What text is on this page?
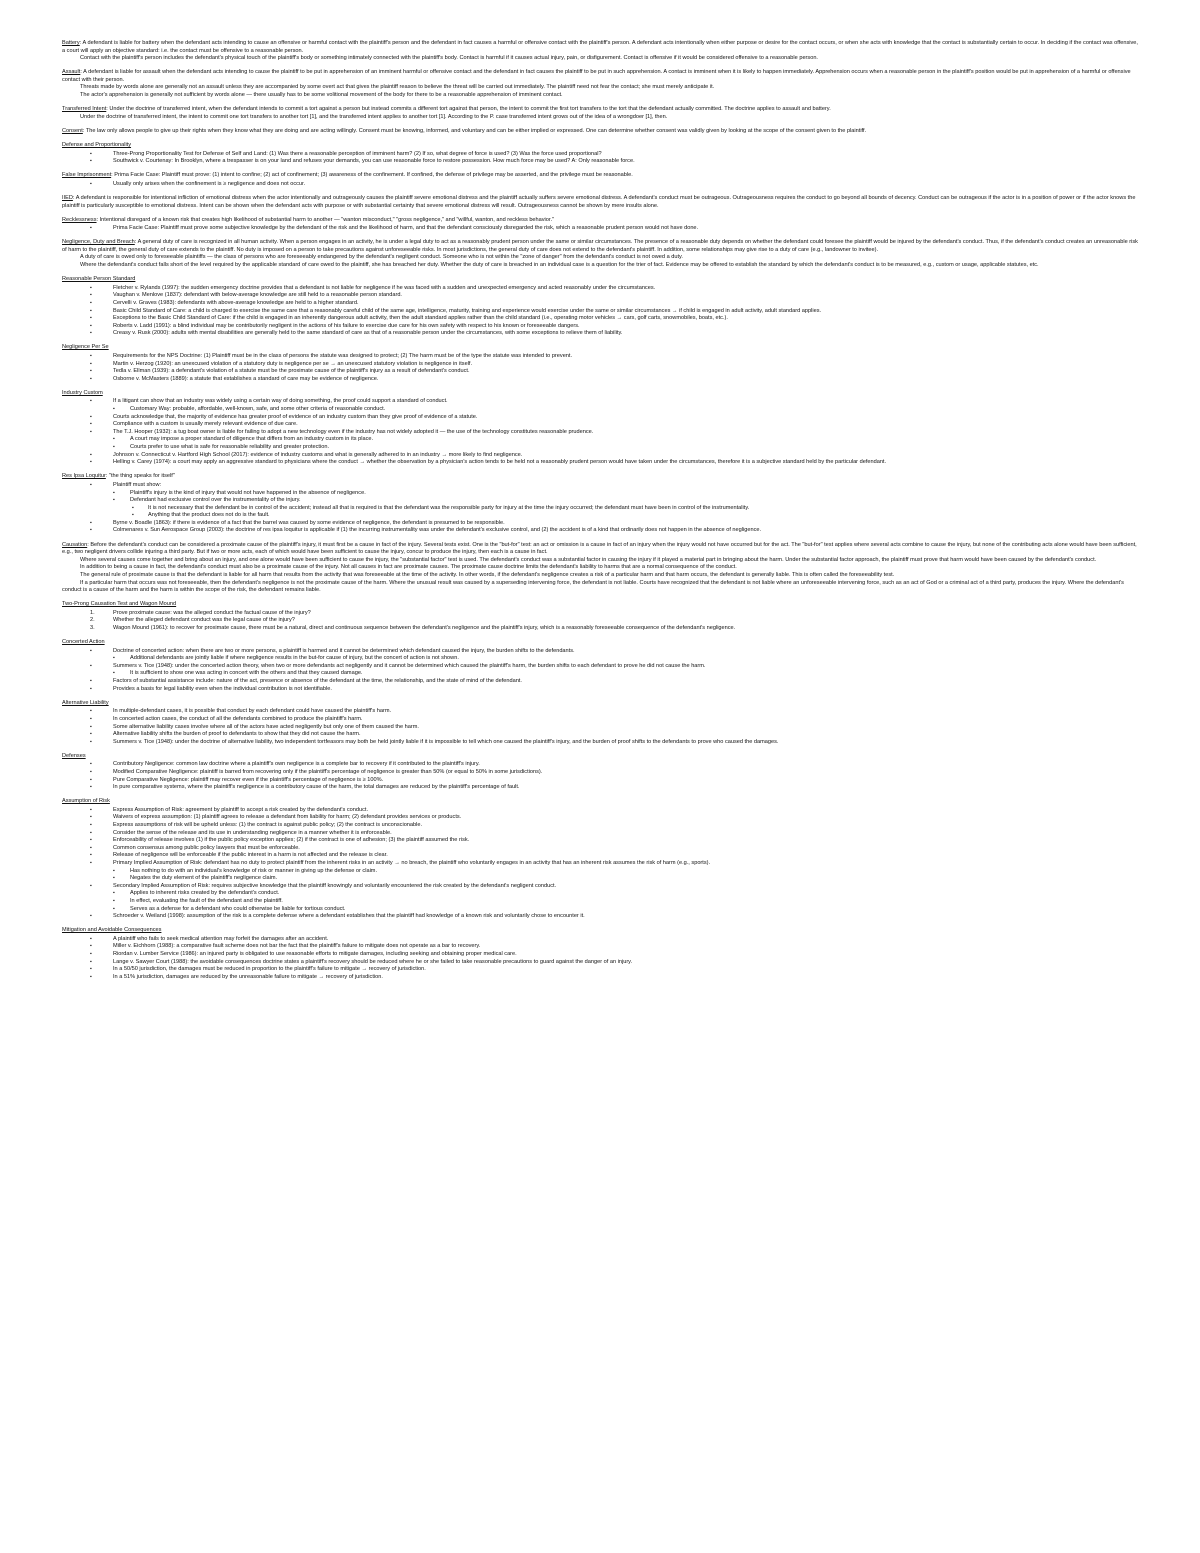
Battery: A defendant is liable for battery when the defendant acts intending to cause an offensive or harmful contact with the plaintiff's person and the defendant in fact causes a harmful or offensive contact with the plaintiff's person. A defendant acts intentionally when either purpose or desire for the contact occurs, or when she acts with knowledge that the contact is substantially certain to occur. In deciding if the contact was offensive, a court will apply an objective standard: i.e. the contact must be offensive to a reasonable person.

Contact with the plaintiff's person includes the defendant's physical touch of the plaintiff's body or something intimately connected with the plaintiff's body. Contact is harmful if it causes actual injury, pain, or disfigurement. Contact is offensive if it would be considered offensive to a reasonable person.

Assault: A defendant is liable for assault when the defendant acts intending to cause the plaintiff to be put in apprehension of an imminent harmful or offensive contact and the defendant in fact causes the plaintiff to be put in such apprehension. A contact is imminent when it is likely to happen immediately. Apprehension occurs when a reasonable person in the plaintiff's position would be put in apprehension of a harmful or offensive contact with their person.

Threats made by words alone are generally not an assault unless they are accompanied by some overt act that gives the plaintiff reason to believe the threat will be carried out immediately. The plaintiff need not fear the contact; she must merely anticipate it.

The actor's apprehension is generally not sufficient by words alone — there usually has to be some volitional movement of the body for there to be a reasonable apprehension of imminent contact.

Transferred Intent: Under the doctrine of transferred intent, when the defendant intends to commit a tort against a person but instead commits a different tort against that person, the intent to commit the first tort transfers to the tort that the defendant actually committed. The doctrine applies to assault and battery.

Under the doctrine of transferred intent, the intent to commit one tort transfers to another tort [1], and the transferred intent applies to another tort [1]. According to the P. case transferred intent grows out of the idea of a wrongdoer [1], then.

Consent: The law only allows people to give up their rights when they know what they are doing and are acting willingly. Consent must be knowing, informed, and voluntary and can be either implied or expressed. One can determine whether consent was validly given by looking at the scope of the consent given to the plaintiff.

Defense and Proportionality

▪ Three-Prong Proportionality Test for Defense of Self and Land: (1) Was there a reasonable perception of imminent harm? (2) If so, what degree of force is used? (3) Was the force used proportional?
▪ Southwick v. Courtenay: In Brooklyn, where a trespasser is on your land and refuses your demands, you can use reasonable force to restore possession. How much force may be used? A: Only reasonable force.

False Imprisonment: Prima Facie Case: Plaintiff must prove: (1) intent to confine; (2) act of confinement; (3) awareness of the confinement. If confined, the defense of privilege may be asserted, and the privilege must be reasonable.

▪ Usually only arises when the confinement is ≥ negligence and does not occur.

IIED: A defendant is responsible for intentional infliction of emotional distress when the actor intentionally and outrageously causes the plaintiff severe emotional distress and the plaintiff actually suffers severe emotional distress. A defendant's conduct must be outrageous. Outrageousness requires the conduct to go beyond all bounds of decency. Conduct can be outrageous if the actor is in a position of power or if the actor knows the plaintiff is particularly susceptible to emotional distress. Intent can be shown when the defendant acts with purpose or with substantial certainty that severe emotional distress will result. Outrageousness cannot be shown by mere insults alone.

Recklessness: Intentional disregard of a known risk that creates high likelihood of substantial harm to another — "wanton misconduct," "gross negligence," and "willful, wanton, and reckless behavior."

▪ Prima Facie Case: Plaintiff must prove some subjective knowledge by the defendant of the risk and the likelihood of harm, and that the defendant consciously disregarded the risk, which a reasonable prudent person would not have done.

Negligence, Duty and Breach: A general duty of care is recognized in all human activity. When a person engages in an activity, he is under a legal duty to act as a reasonably prudent person under the same or similar circumstances. The presence of a reasonable duty depends on whether the defendant could foresee the plaintiff would be injured by the defendant's conduct. Thus, if the defendant's conduct creates an unreasonable risk of harm to the plaintiff, the general duty of care extends to the plaintiff. No duty is imposed on a person to take precautions against unforeseeable risks. In most jurisdictions, the general duty of care does not extend to the defendant's plaintiff. In addition, some relationships may give rise to a duty of care (e.g., landowner to invitee).

A duty of care is owed only to foreseeable plaintiffs — the class of persons who are foreseeably endangered by the defendant's negligent conduct. Someone who is not within the "zone of danger" from the defendant's conduct is not owed a duty.

Where the defendant's conduct falls short of the level required by the applicable standard of care owed to the plaintiff, she has breached her duty. Whether the duty of care is breached in an individual case is a question for the trier of fact. Evidence may be offered to establish the standard by which the defendant's conduct is to be measured, e.g., custom or usage, applicable statutes, etc.

Reasonable Person Standard

▪ Fletcher v. Rylands (1997): the sudden emergency doctrine provides that a defendant is not liable for negligence if he was faced with a sudden and unexpected emergency and acted reasonably under the circumstances.
▪ Vaughan v. Menlove (1837): defendant with below-average knowledge are still held to a reasonable person standard.
▪ Cervelli v. Graves (1983): defendants with above-average knowledge are held to a higher standard.
▪ Basic Child Standard of Care: a child is charged to exercise the same care that a reasonably careful child of the same age, intelligence, maturity, training and experience would exercise under the same or similar circumstances → if child is engaged in adult activity, adult standard applies.
▪ Exceptions to the Basic Child Standard of Care: if the child is engaged in an inherently dangerous adult activity, then the adult standard applies rather than the child standard (i.e., operating motor vehicles → cars, golf carts, snowmobiles, boats, etc.).
▪ Roberts v. Ladd (1991): a blind individual may be contributorily negligent in the actions of his failure to exercise due care for his own safety with respect to his known or foreseeable dangers.
▪ Creasy v. Rusk (2000): adults with mental disabilities are generally held to the same standard of care as that of a reasonable person under the circumstances, with some exceptions to relieve them of liability.

Negligence Per Se

▪ Requirements for the NPS Doctrine: (1) Plaintiff must be in the class of persons the statute was designed to protect; (2) The harm must be of the type the statute was intended to prevent.
▪ Martin v. Herzog (1920): an unexcused violation of a statutory duty is negligence per se → an unexcused statutory violation is negligence in itself.
▪ Tedla v. Ellman (1939): a defendant's violation of a statute must be the proximate cause of the plaintiff's injury as a result of defendant's conduct.
▪ Osborne v. McMasters (1889): a statute that establishes a standard of care may be evidence of negligence.

Industry Custom

▪ If a litigant can show that an industry was widely using a certain way of doing something, the proof could support a standard of conduct.
▪ Customary Way: probable, affordable, well-known, safe, and some other criteria of reasonable conduct.
▪ Courts acknowledge that, the majority of evidence has greater proof of evidence of an industry custom than they give proof of evidence of a statute.
▪ Compliance with a custom is usually merely relevant evidence of due care.
▪ The T.J. Hooper (1932): a tug boat owner is liable for failing to adopt a new technology even if the industry has not widely adopted it — the use of the technology constitutes reasonable prudence.
▪ A court may impose a proper standard of diligence that differs from an industry custom in its place.
▪ Courts prefer to use what is safe for reasonable reliability and greater protection.
▪ Johnson v. Connecticut v. Hartford High School (2017): evidence of industry customs and what is generally adhered to in an industry → more likely to find negligence.
▪ Helling v. Carey (1974): a court may apply an aggressive standard to physicians where the conduct → whether the observation by a physician's action tends to be held not a reasonably prudent person would have taken under the circumstances, therefore it is a subjective standard held by the particular defendant.

Res Ipsa Loquitur: "the thing speaks for itself"

▪ Plaintiff must show:
▪ Plaintiff's injury is the kind of injury that would not have happened in the absence of negligence.
▪ Defendant had exclusive control over the instrumentality of the injury.
▪ It is not necessary that the defendant be in control of the accident; instead all that is required is that the defendant was the responsible party for injury at the time the injury occurred; the defendant must have been in control of the instrumentality.
▪ Anything that the product does not do is the fault.
▪ Byrne v. Boadle (1863): if there is evidence of a fact that the barrel was caused by some evidence of negligence, the defendant is presumed to be responsible.
▪ Colmenares v. Sun Aerospace Group (2003): the doctrine of res ipsa loquitur is applicable if (1) the incurring instrumentality was under the defendant's exclusive control, and (2) the accident is of a kind that ordinarily does not happen in the absence of negligence.

Causation: Before the defendant's conduct can be considered a proximate cause of the plaintiff's injury, it must first be a cause in fact of the injury. Several tests exist. One is the "but-for" test: an act or omission is a cause in fact of an injury when the injury would not have occurred but for the act. The "but-for" test applies where several acts combine to cause the injury, but none of the contributing acts alone would have been sufficient, e.g., two negligent drivers collide injuring a third party. But if two or more acts, each of which would have been sufficient to cause the injury, concur to produce the injury, then each is a cause in fact.

Where several causes come together and bring about an injury, and one alone would have been sufficient to cause the injury, the "substantial factor" test is used. The defendant's conduct was a substantial factor in causing the injury if it played a material part in bringing about the harm. Under the substantial factor approach, the plaintiff must prove that harm would have been caused by the defendant's conduct.

In addition to being a cause in fact, the defendant's conduct must also be a proximate cause of the injury. Not all causes in fact are proximate causes. The proximate cause doctrine limits the defendant's liability to harms that are a normal consequence of the conduct.

The general rule of proximate cause is that the defendant is liable for all harm that results from the activity that was foreseeable at the time of the activity. In other words, if the defendant's negligence creates a risk of a particular harm and that harm occurs, the defendant is generally liable. This is often called the foreseeability test.

If a particular harm that occurs was not foreseeable, then the defendant's negligence is not the proximate cause of the harm. Where the unusual result was caused by a superseding intervening force, the defendant is not liable. Courts have recognized that the defendant is not liable where an unforeseeable intervening force, such as an act of God or a criminal act of a third party, produces the injury. Where the defendant's conduct is a cause of the harm and the harm is within the scope of the risk, the defendant remains liable.

Two-Prong Causation Test and Wagon Mound

1. Prove proximate cause: was the alleged conduct the factual cause of the injury?
2. Whether the alleged defendant conduct was the legal cause of the injury?
3. Wagon Mound (1961): to recover for proximate cause, there must be a natural, direct and continuous sequence between the defendant's negligence and the plaintiff's injury, which is a reasonably foreseeable consequence of the defendant's negligence.

Concerted Action

▪ Doctrine of concerted action: when there are two or more persons, a plaintiff is harmed and it cannot be determined which defendant caused the injury, the burden shifts to the defendants.
▪ Additional defendants are jointly liable if where negligence results in the but-for cause of injury, but the concert of action is not shown.
▪ Summers v. Tice (1948): under the concerted action theory, when two or more defendants act negligently and it cannot be determined which caused the plaintiff's harm, the burden shifts to each defendant to prove he did not cause the harm.
▪ It is sufficient to show one was acting in concert with the others and that they caused damage.
▪ Factors of substantial assistance include: nature of the act, presence or absence of the defendant at the time, the relationship, and the state of mind of the defendant.
▪ Provides a basis for legal liability even when the individual contribution is not identifiable.

Alternative Liability

▪ In multiple-defendant cases, it is possible that conduct by each defendant could have caused the plaintiff's harm.
▪ In concerted action cases, the conduct of all the defendants combined to produce the plaintiff's harm.
▪ Some alternative liability cases involve where all of the actors have acted negligently but only one of them caused the harm.
▪ Alternative liability shifts the burden of proof to defendants to show that they did not cause the harm.
▪ Summers v. Tice (1948): under the doctrine of alternative liability, two independent tortfeasors may both be held jointly liable if it is impossible to tell which one caused the plaintiff's injury, and the burden of proof shifts to the defendants to prove who caused the damages.

Defenses

▪ Contributory Negligence: common law doctrine where a plaintiff's own negligence is a complete bar to recovery if it contributed to the plaintiff's injury.
▪ Modified Comparative Negligence: plaintiff is barred from recovering only if the plaintiff's percentage of negligence is greater than 50% (or equal to 50% in some jurisdictions).
▪ Pure Comparative Negligence: plaintiff may recover even if the plaintiff's percentage of negligence is ≥ 100%.
▪ In pure comparative systems, where the plaintiff's negligence is a contributory cause of the harm, the total damages are reduced by the plaintiff's percentage of fault.

Assumption of Risk

▪ Express Assumption of Risk: agreement by plaintiff to accept a risk created by the defendant's conduct.
▪ Waivers of express assumption: (1) plaintiff agrees to release a defendant from liability for harm; (2) defendant provides services or products.
▪ Express assumptions of risk will be upheld unless: (1) the contract is against public policy; (2) the contract is unconscionable.
▪ Consider the sense of the release and its use in understanding negligence in a manner whether it is enforceable.
▪ Enforceability of release involves (1) if the public policy exception applies; (2) if the contract is one of adhesion; (3) the plaintiff assumed the risk.
▪ Common consensus among public policy lawyers that must be enforceable.
▪ Release of negligence will be enforceable if the public interest in a harm is not affected and the release is clear.
▪ Primary Implied Assumption of Risk: defendant has no duty to protect plaintiff from the inherent risks in an activity → no breach, the plaintiff who voluntarily engages in an activity that has an inherent risk assumes the risk of harm (e.g., sports).
▪ Has nothing to do with an individual's knowledge of risk or manner in giving up the defense or claim.
▪ Negates the duty element of the plaintiff's negligence claim.
▪ Secondary Implied Assumption of Risk: requires subjective knowledge that the plaintiff knowingly and voluntarily encountered the risk created by the defendant's negligent conduct.
▪ Applies to inherent risks created by the defendant's conduct.
▪ In effect, evaluating the fault of the defendant and the plaintiff.
▪ Serves as a defense for a defendant who could otherwise be liable for tortious conduct.
▪ Schroeder v. Weiland (1998): assumption of the risk is a complete defense where a defendant establishes that the plaintiff had knowledge of a known risk and voluntarily chose to encounter it.

Mitigation and Avoidable Consequences

▪ A plaintiff who fails to seek medical attention may forfeit the damages after an accident.
▪ Miller v. Eichhorn (1988): a comparative fault scheme does not bar the fact that the plaintiff's failure to mitigate does not operate as a bar to recovery.
▪ Riordan v. Lumber Service (1986): an injured party is obligated to use reasonable efforts to mitigate damages, including seeking and obtaining proper medical care.
▪ Lange v. Sawyer Court (1988): the avoidable consequences doctrine states a plaintiff's recovery should be reduced where he or she failed to take reasonable precautions to guard against the danger of an injury.
▪ In a 50/50 jurisdiction, the damages must be reduced in proportion to the plaintiff's failure to mitigate → recovery of jurisdiction.
▪ In a 51% jurisdiction, damages are reduced by the unreasonable failure to mitigate → recovery of jurisdiction.
